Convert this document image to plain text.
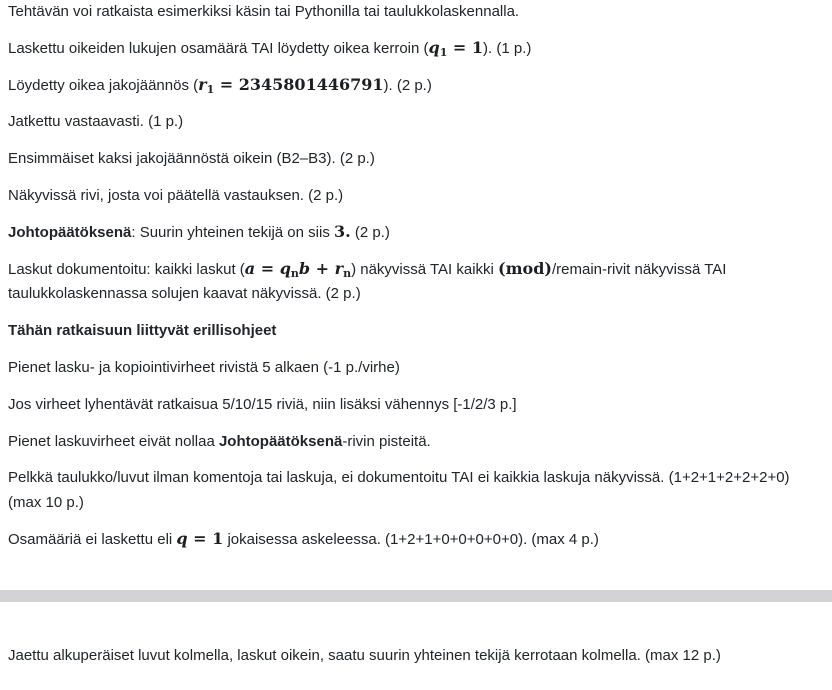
Tehtävän voi ratkaista esimerkiksi käsin tai Pythonilla tai taulukkolaskennalla.

Laskettu oikeiden lukujen osamäärä TAI löydetty oikea kerroin $(q_1 = 1)$. (1 p.)

Löydetty oikea jakojäännös $(r_1 = 2345801446791)$. (2 p.)

Jatkettu vastaavasti. (1 p.)

Ensimmäiset kaksi jakojäännöstä oikein (B2–B3). (2 p.)

Näkyvissä rivi, josta voi päätellä vastauksen. (2 p.)

Johtopäätöksenä: Suurin yhteinen tekijä on siis 3. (2 p.)

Laskut dokumentoitu: kaikki laskut $(a = q_nb + r_n)$ näkyvissä TAI kaikki (mod)/remain-rivit näkyvissä TAI
taulukkolaskennassa solujen kaavat näkyvissä. (2 p.)

Tähän ratkaisuun liittyvät erillisohjeet

Pienet lasku- ja kopiointivirheet rivistä 5 alkaen (-1 p./virhe)

Jos virheet lyhentävät ratkaisua 5/10/15 riviä, niin lisäksi vähennys [-1/2/3 p.]

Pienet laskuvirheet eivät nollaa Johtopäätöksenä-rivin pisteitä.

Pelkkä taulukko/luvut ilman komentoja tai laskuja, ei dokumentoitu TAI ei kaikkia laskuja näkyvissä. (1+2+1+2+2+2+0)
(max 10 p.)

Osamääriä ei laskettu eli q = 1 jokaisessa askeleessa. (1+2+1+0+0+0+0+0). (max 4 p.)

Jaettu alkuperäiset luvut kolmella, laskut oikein, saatu suurin yhteinen tekijä kerrotaan kolmella. (max 12 p.)
